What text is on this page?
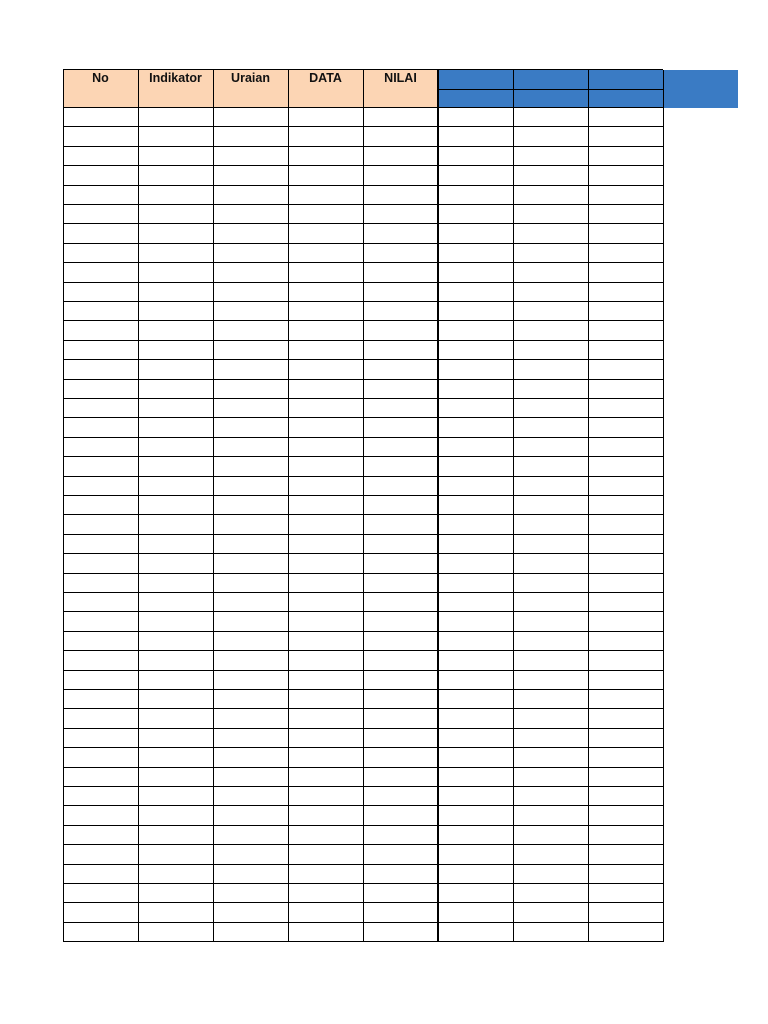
No	Indikator	Uraian	DATA	NILAI
